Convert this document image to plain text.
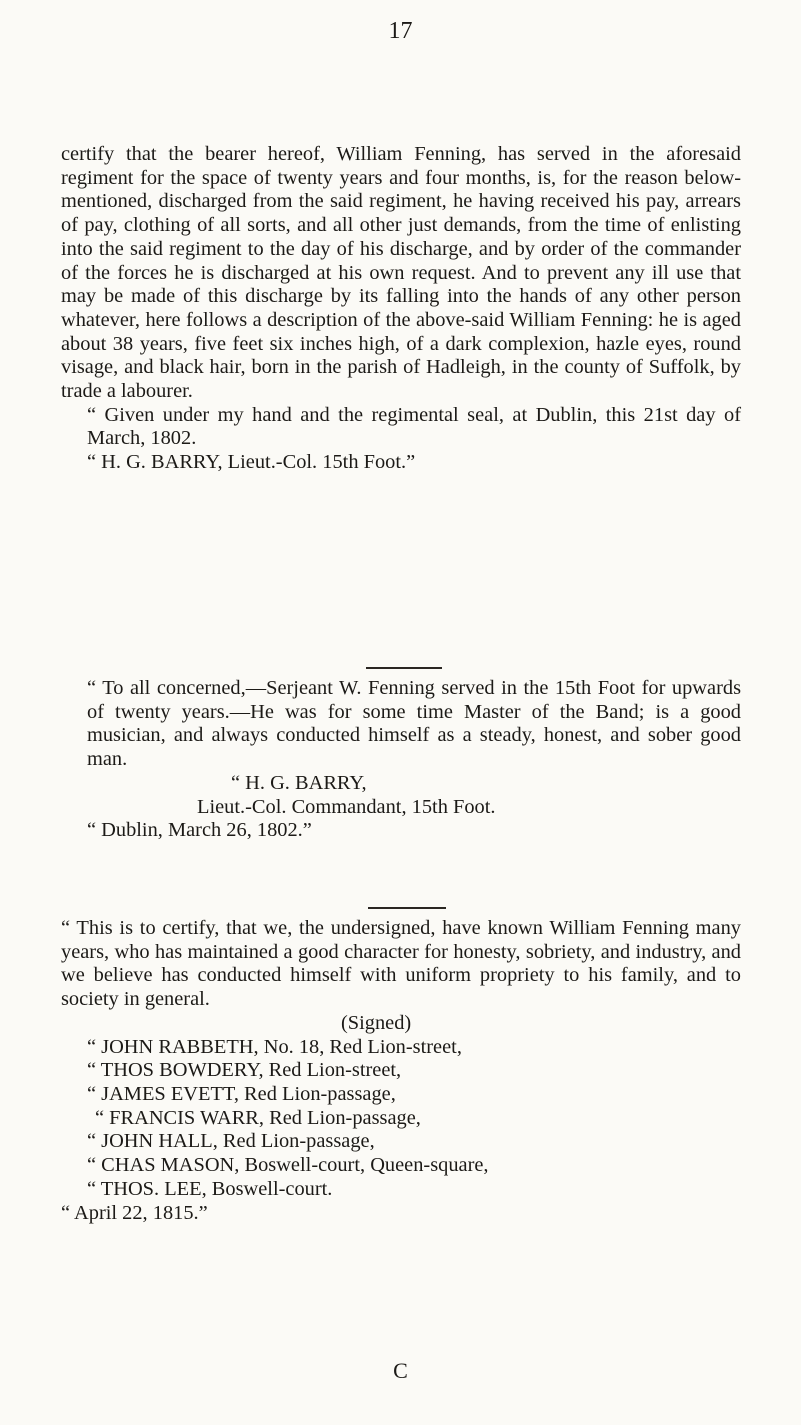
17

certify that the bearer hereof, William Fenning, has served in the aforesaid regiment for the space of twenty years and four months, is, for the reason below-mentioned, discharged from the said regiment, he having received his pay, arrears of pay, clothing of all sorts, and all other just demands, from the time of enlisting into the said regiment to the day of his discharge, and by order of the commander of the forces he is discharged at his own request. And to prevent any ill use that may be made of this discharge by its falling into the hands of any other person whatever, here follows a description of the above-said William Fenning: he is aged about 38 years, five feet six inches high, of a dark complexion, hazle eyes, round visage, and black hair, born in the parish of Hadleigh, in the county of Suffolk, by trade a labourer.

“ Given under my hand and the regimental seal, at Dublin, this 21st day of March, 1802.

“ H. G. BARRY, Lieut.-Col. 15th Foot.”

“ To all concerned,—Serjeant W. Fenning served in the 15th Foot for upwards of twenty years.—He was for some time Master of the Band; is a good musician, and always conducted himself as a steady, honest, and sober good man.

“ H. G. BARRY,

Lieut.-Col. Commandant, 15th Foot.

“ Dublin, March 26, 1802.”

“ This is to certify, that we, the undersigned, have known William Fenning many years, who has maintained a good character for honesty, sobriety, and industry, and we believe has conducted himself with uniform propriety to his family, and to society in general.

(Signed)

“ JOHN RABBETH, No. 18, Red Lion-street,
“ THOS BOWDERY, Red Lion-street,
“ JAMES EVETT, Red Lion-passage,
“ FRANCIS WARR, Red Lion-passage,
“ JOHN HALL, Red Lion-passage,
“ CHAS MASON, Boswell-court, Queen-square,
“ THOS. LEE, Boswell-court.

“ April 22, 1815.”

C
